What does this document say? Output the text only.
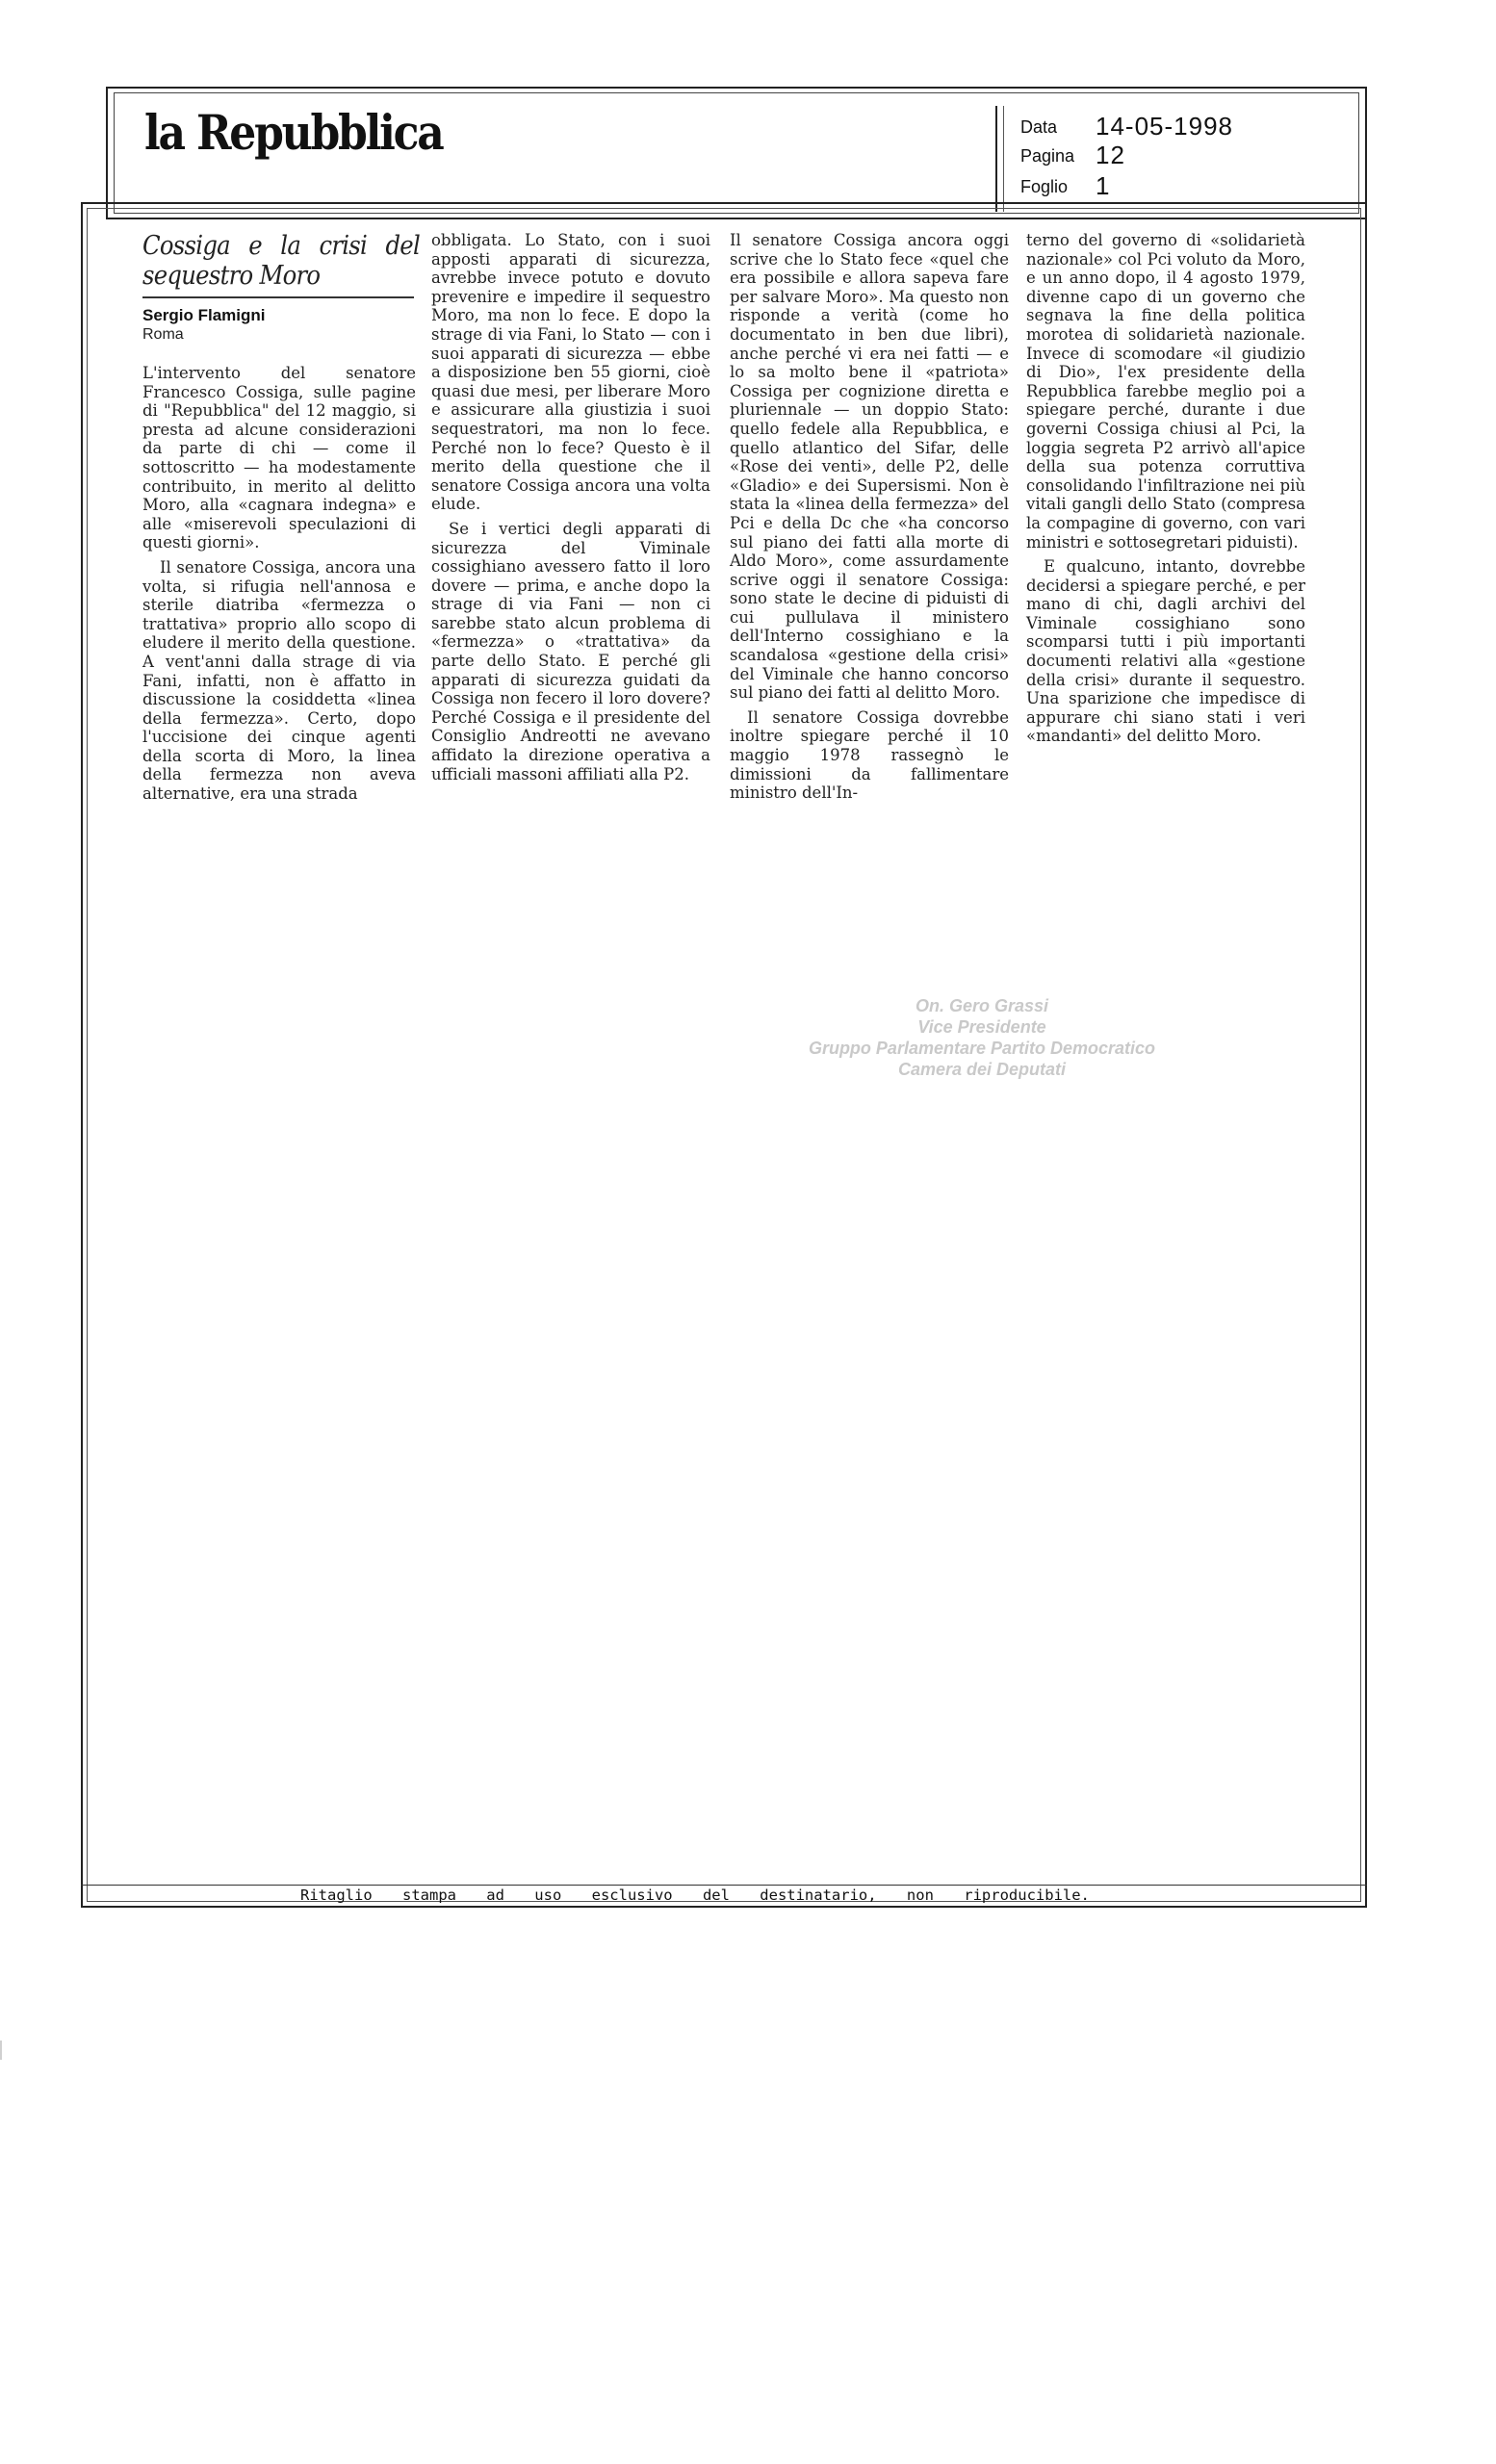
la Repubblica	Data 14-05-1998
Pagina 12
Foglio 1
Cossiga e la crisi del sequestro Moro
Sergio Flamigni
Roma

L'intervento del senatore Francesco Cossiga, sulle pagine di "Repubblica" del 12 maggio, si presta ad alcune considerazioni da parte di chi — come il sottoscritto — ha modestamente contribuito, in merito al delitto Moro, alla «cagnara indegna» e alle «miserevoli speculazioni di questi giorni».

Il senatore Cossiga, ancora una volta, si rifugia nell'annosa e sterile diatriba «fermezza o trattativa» proprio allo scopo di eludere il merito della questione. A vent'anni dalla strage di via Fani, infatti, non è affatto in discussione la cosiddetta «linea della fermezza». Certo, dopo l'uccisione dei cinque agenti della scorta di Moro, la linea della fermezza non aveva alternative, era una strada

obbligata. Lo Stato, con i suoi apposti apparati di sicurezza, avrebbe invece potuto e dovuto prevenire e impedire il sequestro Moro, ma non lo fece. E dopo la strage di via Fani, lo Stato — con i suoi apparati di sicurezza — ebbe a disposizione ben 55 giorni, cioè quasi due mesi, per liberare Moro e assicurare alla giustizia i suoi sequestratori, ma non lo fece. Perché non lo fece? Questo è il merito della questione che il senatore Cossiga ancora una volta elude.

Se i vertici degli apparati di sicurezza del Viminale cossighiano avessero fatto il loro dovere — prima, e anche dopo la strage di via Fani — non ci sarebbe stato alcun problema di «fermezza» o «trattativa» da parte dello Stato. E perché gli apparati di sicurezza guidati da Cossiga non fecero il loro dovere? Perché Cossiga e il presidente del Consiglio Andreotti ne avevano affidato la direzione operativa a ufficiali massoni affiliati alla P2.

Il senatore Cossiga ancora oggi scrive che lo Stato fece «quel che era possibile e allora sapeva fare per salvare Moro». Ma questo non risponde a verità (come ho documentato in ben due libri), anche perché vi era nei fatti — e lo sa molto bene il «patriota» Cossiga per cognizione diretta e pluriennale — un doppio Stato: quello fedele alla Repubblica, e quello atlantico del Sifar, delle «Rose dei venti», delle P2, delle «Gladio» e dei Supersismi. Non è stata la «linea della fermezza» del Pci e della Dc che «ha concorso sul piano dei fatti alla morte di Aldo Moro», come assurdamente scrive oggi il senatore Cossiga: sono state le decine di piduisti di cui pullulava il ministero dell'Interno cossighiano e la scandalosa «gestione della crisi» del Viminale che hanno concorso sul piano dei fatti al delitto Moro.

Il senatore Cossiga dovrebbe inoltre spiegare perché il 10 maggio 1978 rassegnò le dimissioni da fallimentare ministro dell'In-

terno del governo di «solidarietà nazionale» col Pci voluto da Moro, e un anno dopo, il 4 agosto 1979, divenne capo di un governo che segnava la fine della politica morotea di solidarietà nazionale. Invece di scomodare «il giudizio di Dio», l'ex presidente della Repubblica farebbe meglio poi a spiegare perché, durante i due governi Cossiga chiusi al Pci, la loggia segreta P2 arrivò all'apice della sua potenza corruttiva consolidando l'infiltrazione nei più vitali gangli dello Stato (compresa la compagine di governo, con vari ministri e sottosegretari piduisti).

E qualcuno, intanto, dovrebbe decidersi a spiegare perché, e per mano di chi, dagli archivi del Viminale cossighiano sono scomparsi tutti i più importanti documenti relativi alla «gestione della crisi» durante il sequestro. Una sparizione che impedisce di appurare chi siano stati i veri «mandanti» del delitto Moro.

On. Gero Grassi
Vice Presidente
Gruppo Parlamentare Partito Democratico
Camera dei Deputati
Ritaglio stampa ad uso esclusivo del destinatario, non riproducibile.
